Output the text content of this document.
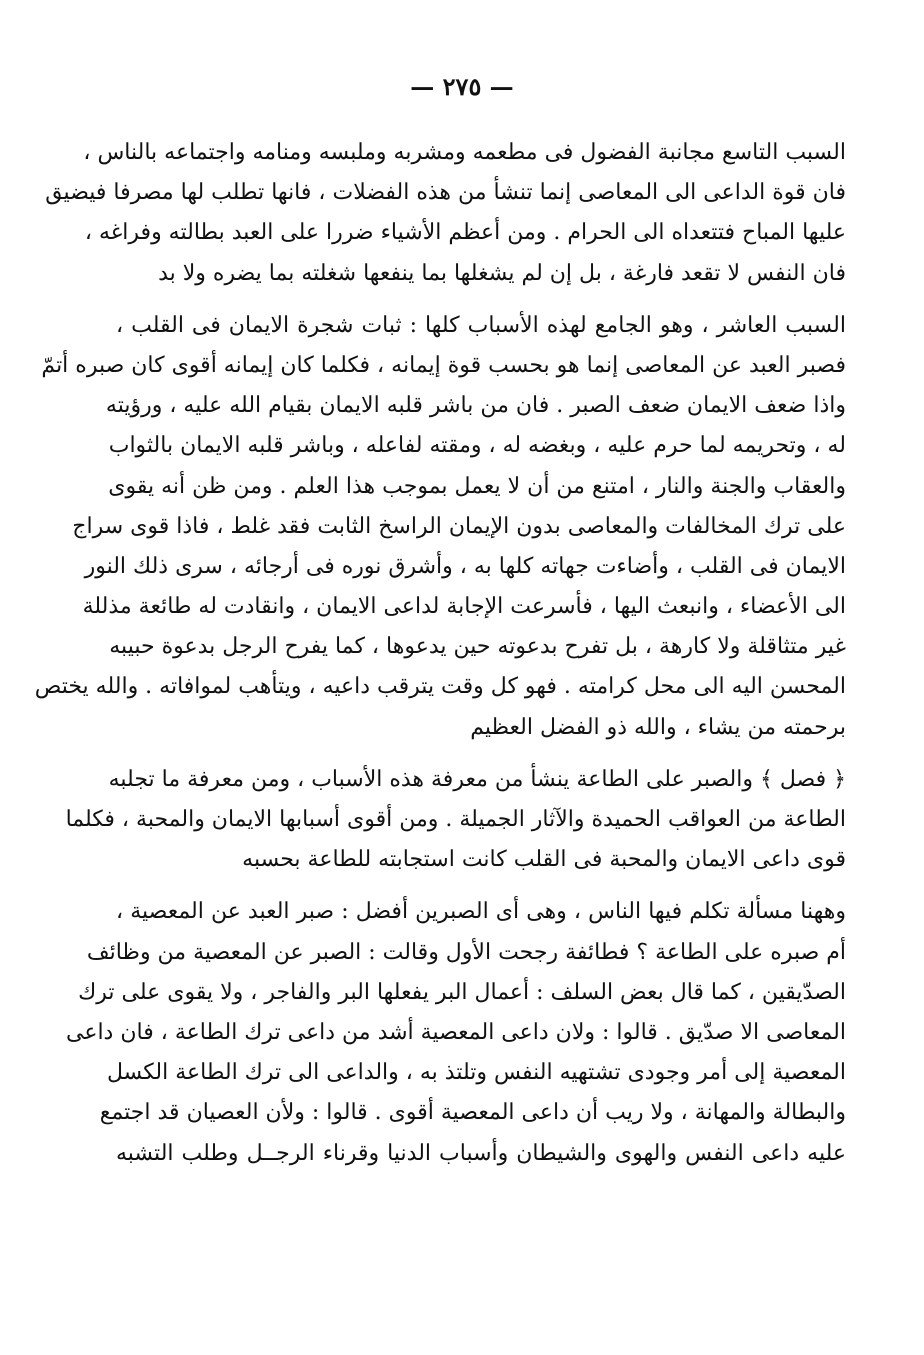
— ٢٧٥ —
السبب التاسع مجانبة الفضول فى مطعمه ومشربه وملبسه ومنامه واجتماعه بالناس ،
فان قوة الداعى الى المعاصى إنما تنشأ من هذه الفضلات ، فانها تطلب لها مصرفا فيضيق
عليها المباح فتتعداه الى الحرام . ومن أعظم الأشياء ضررا على العبد بطالته وفراغه ،
فان النفس لا تقعد فارغة ، بل إن لم يشغلها بما ينفعها شغلته بما يضره ولا بد
السبب العاشر ، وهو الجامع لهذه الأسباب كلها : ثبات شجرة الايمان فى القلب ،
فصبر العبد عن المعاصى إنما هو بحسب قوة إيمانه ، فكلما كان إيمانه أقوى كان صبره أتمّ
واذا ضعف الايمان ضعف الصبر . فان من باشر قلبه الايمان بقيام الله عليه ، ورؤيته
له ، وتحريمه لما حرم عليه ، وبغضه له ، ومقته لفاعله ، وباشر قلبه الايمان بالثواب
والعقاب والجنة والنار ، امتنع من أن لا يعمل بموجب هذا العلم . ومن ظن أنه يقوى
على ترك المخالفات والمعاصى بدون الإيمان الراسخ الثابت فقد غلط ، فاذا قوى سراج
الايمان فى القلب ، وأضاءت جهاته كلها به ، وأشرق نوره فى أرجائه ، سرى ذلك النور
الى الأعضاء ، وانبعث اليها ، فأسرعت الإجابة لداعى الايمان ، وانقادت له طائعة مذللة
غير متثاقلة ولا كارهة ، بل تفرح بدعوته حين يدعوها ، كما يفرح الرجل بدعوة حبيبه
المحسن اليه الى محل كرامته . فهو كل وقت يترقب داعيه ، ويتأهب لموافاته . والله يختص
برحمته من يشاء ، والله ذو الفضل العظيم
﴿ فصل ﴾ والصبر على الطاعة ينشأ من معرفة هذه الأسباب ، ومن معرفة ما تجلبه
الطاعة من العواقب الحميدة والآثار الجميلة . ومن أقوى أسبابها الايمان والمحبة ، فكلما
قوى داعى الايمان والمحبة فى القلب كانت استجابته للطاعة بحسبه
وههنا مسألة تكلم فيها الناس ، وهى أى الصبرين أفضل : صبر العبد عن المعصية ،
أم صبره على الطاعة ؟ فطائفة رجحت الأول وقالت : الصبر عن المعصية من وظائف
الصدّيقين ، كما قال بعض السلف : أعمال البر يفعلها البر والفاجر ، ولا يقوى على ترك
المعاصى الا صدّيق . قالوا : ولان داعى المعصية أشد من داعى ترك الطاعة ، فان داعى
المعصية إلى أمر وجودى تشتهيه النفس وتلتذ به ، والداعى الى ترك الطاعة الكسل
والبطالة والمهانة ، ولا ريب أن داعى المعصية أقوى . قالوا : ولأن العصيان قد اجتمع
عليه داعى النفس والهوى والشيطان وأسباب الدنيا وقرناء الرجــل وطلب التشبه
